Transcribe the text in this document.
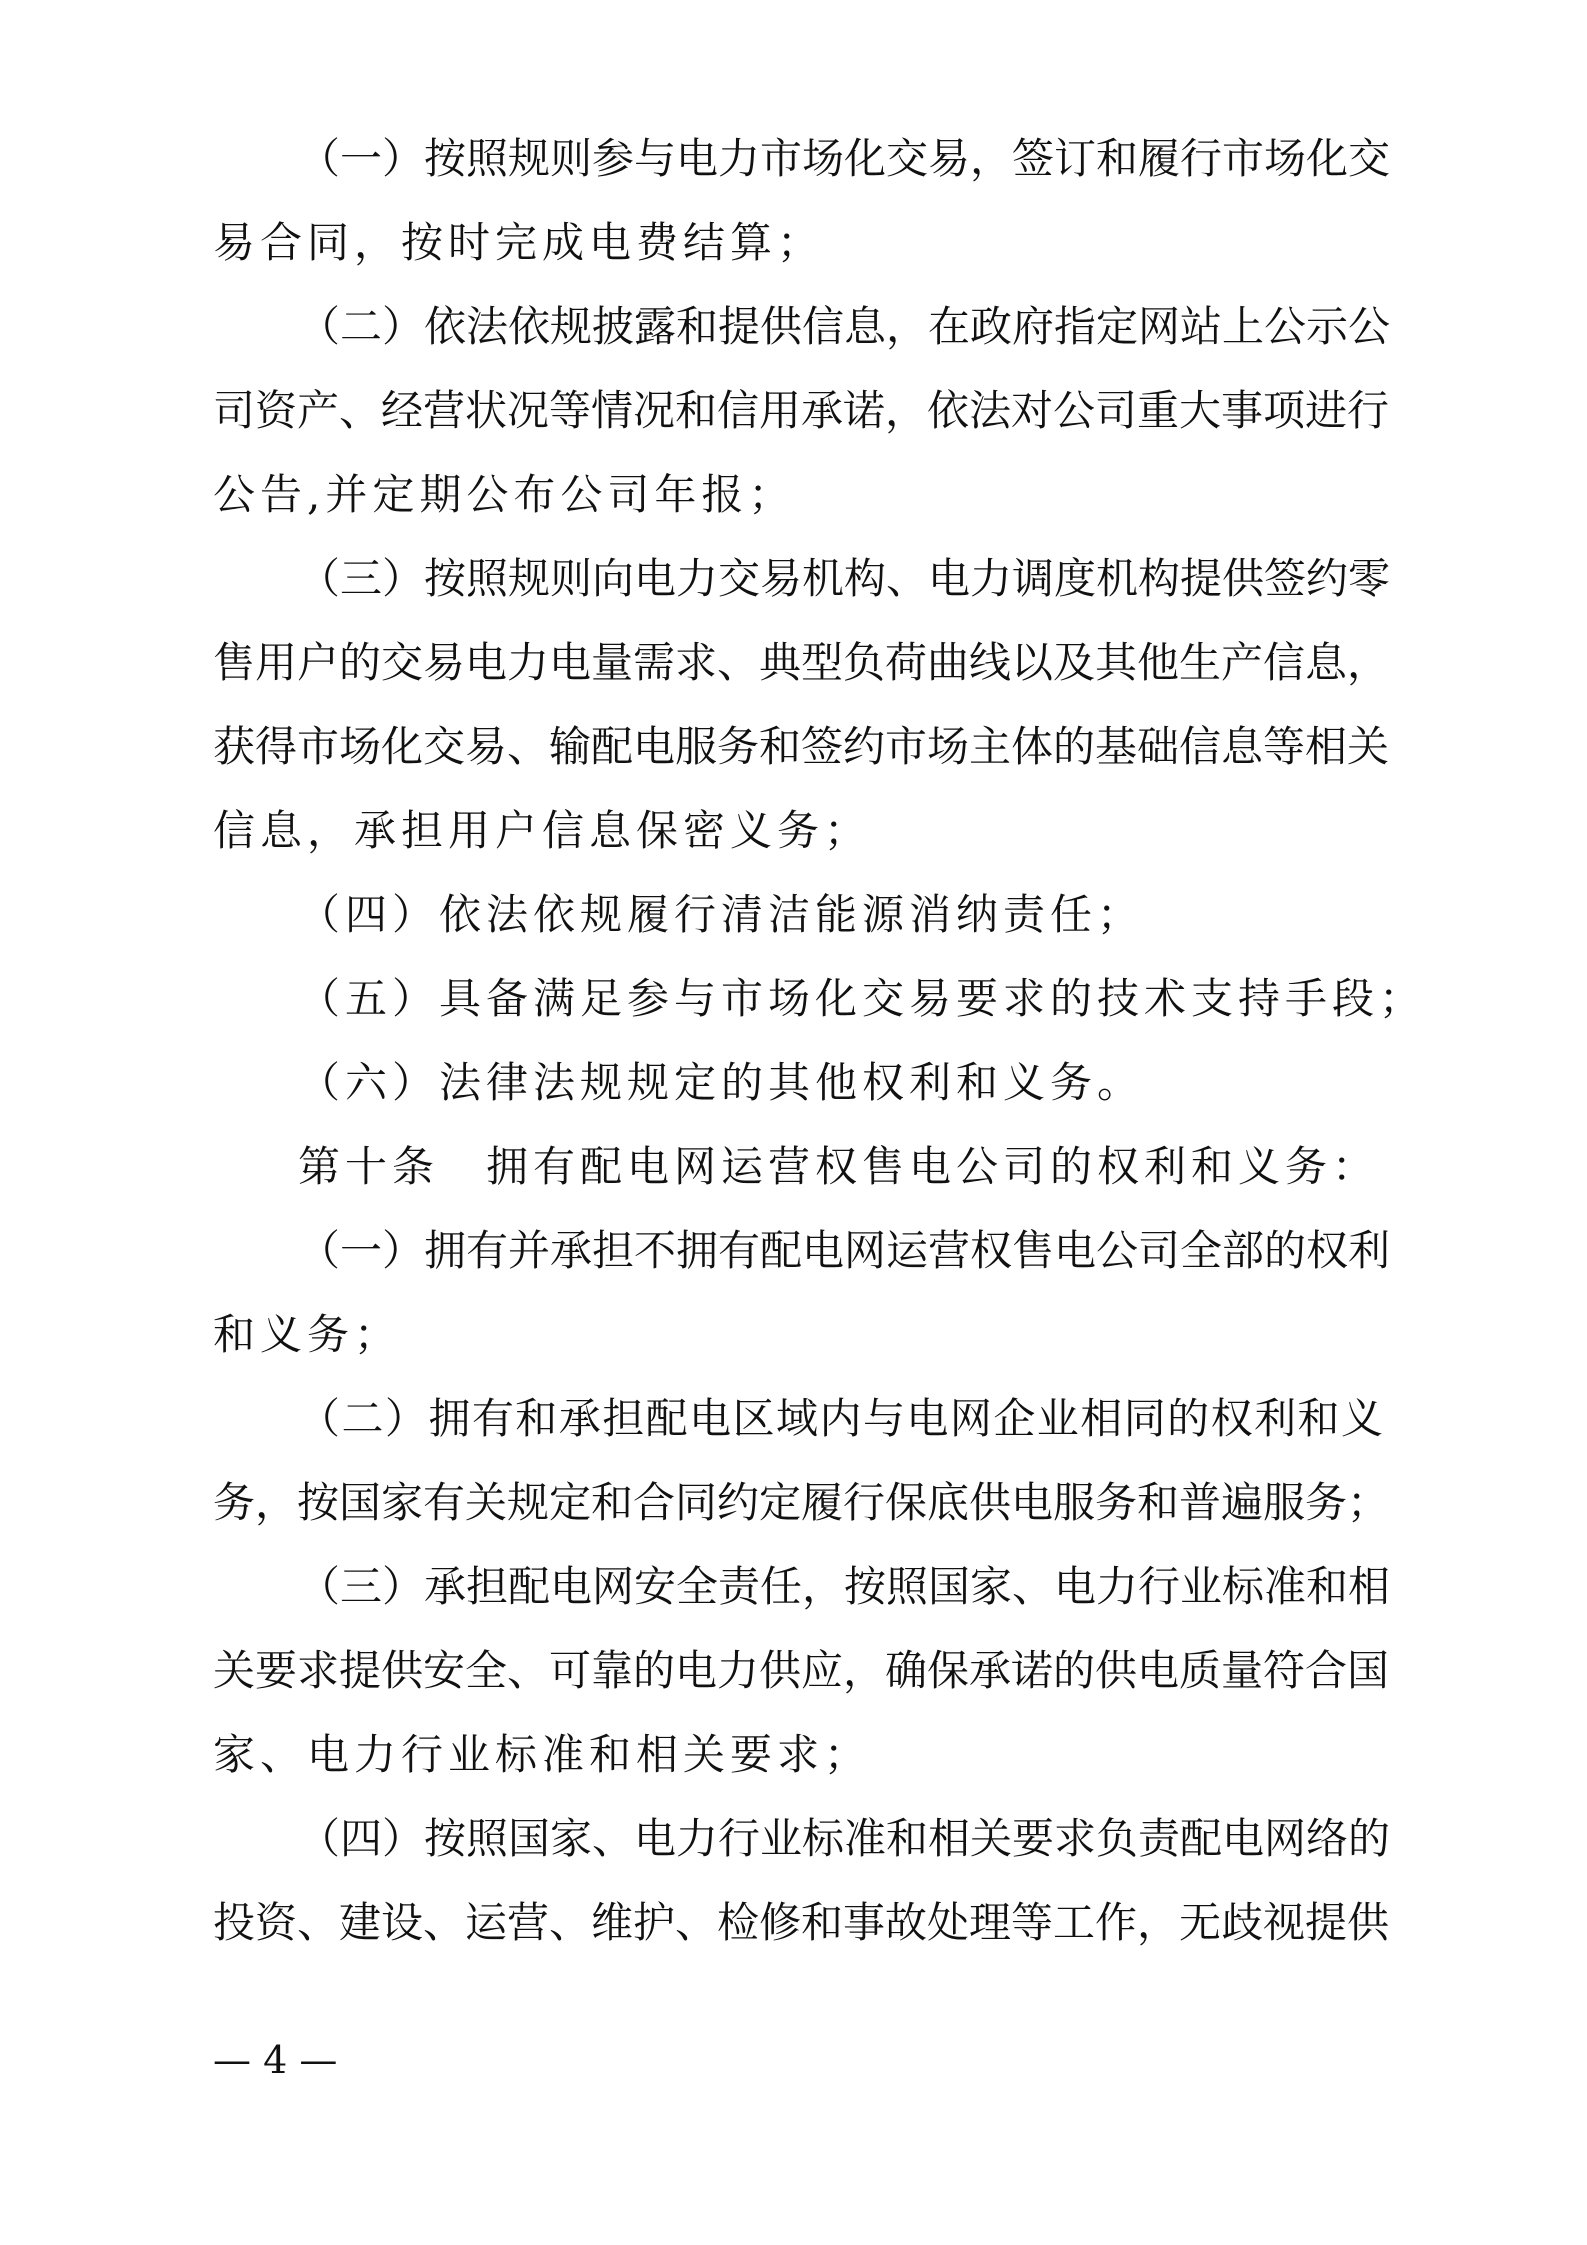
（一）按照规则参与电力市场化交易，签订和履行市场化交
易合同，按时完成电费结算；
（二）依法依规披露和提供信息，在政府指定网站上公示公
司资产、经营状况等情况和信用承诺，依法对公司重大事项进行
公告,并定期公布公司年报；
（三）按照规则向电力交易机构、电力调度机构提供签约零
售用户的交易电力电量需求、典型负荷曲线以及其他生产信息，
获得市场化交易、输配电服务和签约市场主体的基础信息等相关
信息，承担用户信息保密义务；
（四）依法依规履行清洁能源消纳责任；
（五）具备满足参与市场化交易要求的技术支持手段；
（六）法律法规规定的其他权利和义务。
第十条　拥有配电网运营权售电公司的权利和义务：
（一）拥有并承担不拥有配电网运营权售电公司全部的权利
和义务；
（二）拥有和承担配电区域内与电网企业相同的权利和义
务，按国家有关规定和合同约定履行保底供电服务和普遍服务；
（三）承担配电网安全责任，按照国家、电力行业标准和相
关要求提供安全、可靠的电力供应，确保承诺的供电质量符合国
家、电力行业标准和相关要求；
（四）按照国家、电力行业标准和相关要求负责配电网络的
投资、建设、运营、维护、检修和事故处理等工作，无歧视提供
— 4 —
